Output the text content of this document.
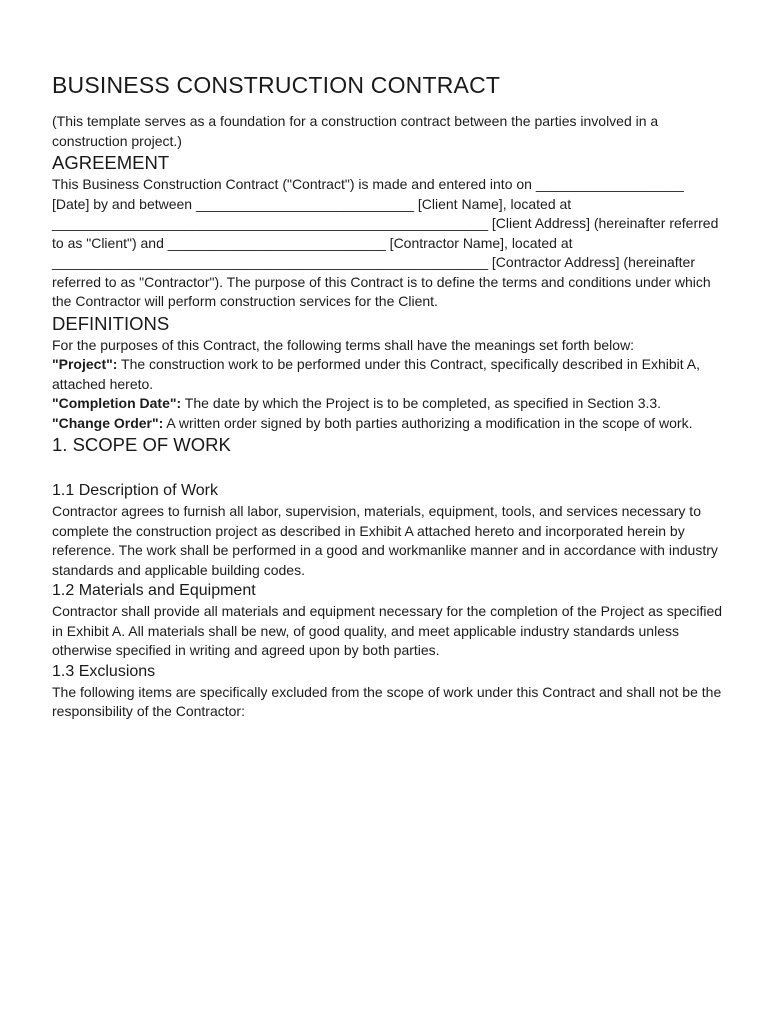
BUSINESS CONSTRUCTION CONTRACT

(This template serves as a foundation for a construction contract between the parties involved in a construction project.)

AGREEMENT

This Business Construction Contract ("Contract") is made and entered into on ___________________ [Date] by and between ____________________________ [Client Name], located at ________________________________________________________ [Client Address] (hereinafter referred to as "Client") and ____________________________ [Contractor Name], located at ________________________________________________________ [Contractor Address] (hereinafter referred to as "Contractor"). The purpose of this Contract is to define the terms and conditions under which the Contractor will perform construction services for the Client.

DEFINITIONS

For the purposes of this Contract, the following terms shall have the meanings set forth below:

"Project": The construction work to be performed under this Contract, specifically described in Exhibit A, attached hereto.

"Completion Date": The date by which the Project is to be completed, as specified in Section 3.3.

"Change Order": A written order signed by both parties authorizing a modification in the scope of work.

1. SCOPE OF WORK
1.1 Description of Work

Contractor agrees to furnish all labor, supervision, materials, equipment, tools, and services necessary to complete the construction project as described in Exhibit A attached hereto and incorporated herein by reference. The work shall be performed in a good and workmanlike manner and in accordance with industry standards and applicable building codes.

1.2 Materials and Equipment

Contractor shall provide all materials and equipment necessary for the completion of the Project as specified in Exhibit A. All materials shall be new, of good quality, and meet applicable industry standards unless otherwise specified in writing and agreed upon by both parties.

1.3 Exclusions

The following items are specifically excluded from the scope of work under this Contract and shall not be the responsibility of the Contractor:
